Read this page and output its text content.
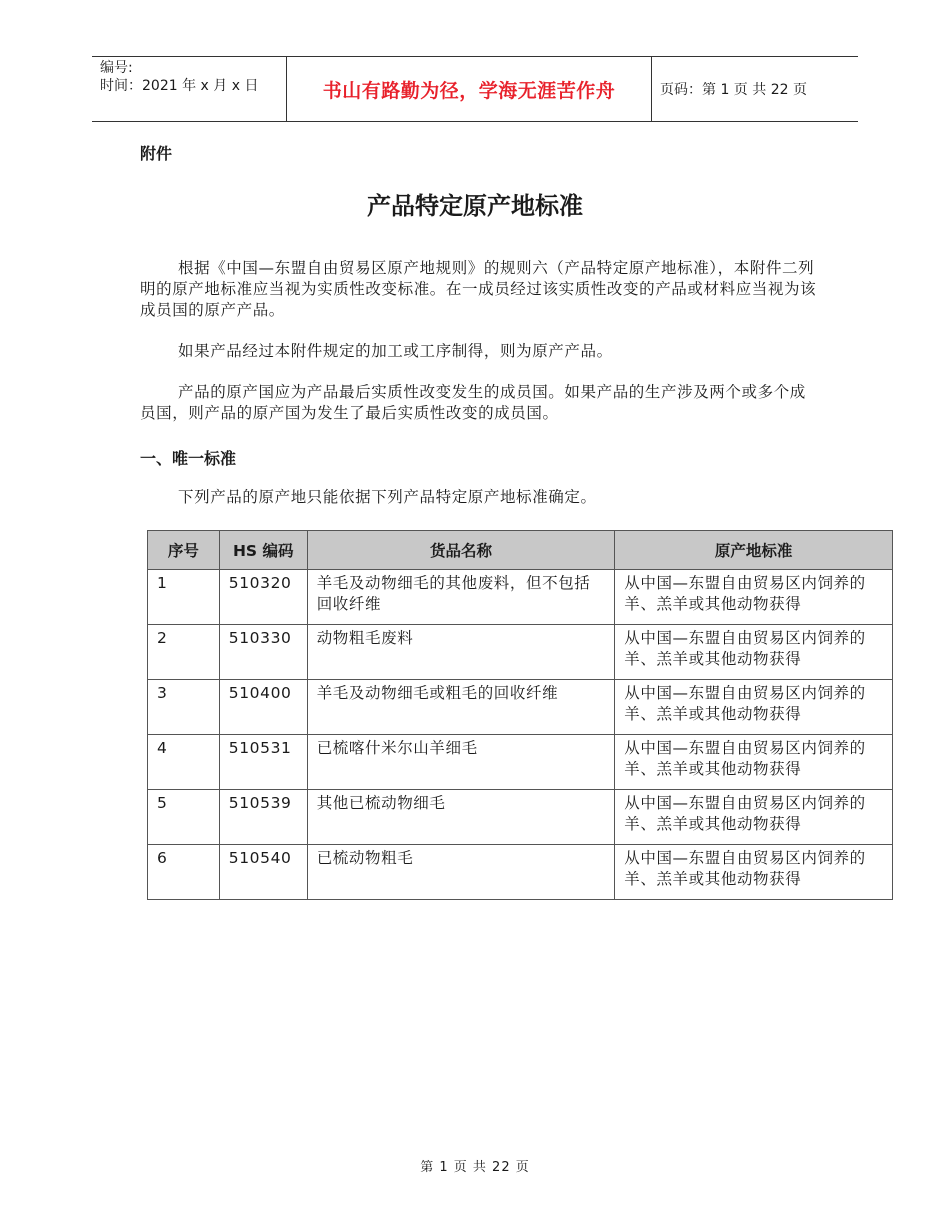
编号:
时间：2021 年 x 月 x 日	书山有路勤为径，学海无涯苦作舟	页码：第 1 页 共 22 页
附件
产品特定原产地标准

根据《中国—东盟自由贸易区原产地规则》的规则六（产品特定原产地标准），本附件二列明的原产地标准应当视为实质性改变标准。在一成员经过该实质性改变的产品或材料应当视为该成员国的原产产品。

如果产品经过本附件规定的加工或工序制得，则为原产产品。

产品的原产国应为产品最后实质性改变发生的成员国。如果产品的生产涉及两个或多个成员国，则产品的原产国为发生了最后实质性改变的成员国。

一、唯一标准

下列产品的原产地只能依据下列产品特定原产地标准确定。

序号	HS 编码	货品名称	原产地标准
1	510320	羊毛及动物细毛的其他废料，但不包括回收纤维	从中国—东盟自由贸易区内饲养的羊、羔羊或其他动物获得
2	510330	动物粗毛废料	从中国—东盟自由贸易区内饲养的羊、羔羊或其他动物获得
3	510400	羊毛及动物细毛或粗毛的回收纤维	从中国—东盟自由贸易区内饲养的羊、羔羊或其他动物获得
4	510531	已梳喀什米尔山羊细毛	从中国—东盟自由贸易区内饲养的羊、羔羊或其他动物获得
5	510539	其他已梳动物细毛	从中国—东盟自由贸易区内饲养的羊、羔羊或其他动物获得
6	510540	已梳动物粗毛	从中国—东盟自由贸易区内饲养的羊、羔羊或其他动物获得
第 1 页 共 22 页
